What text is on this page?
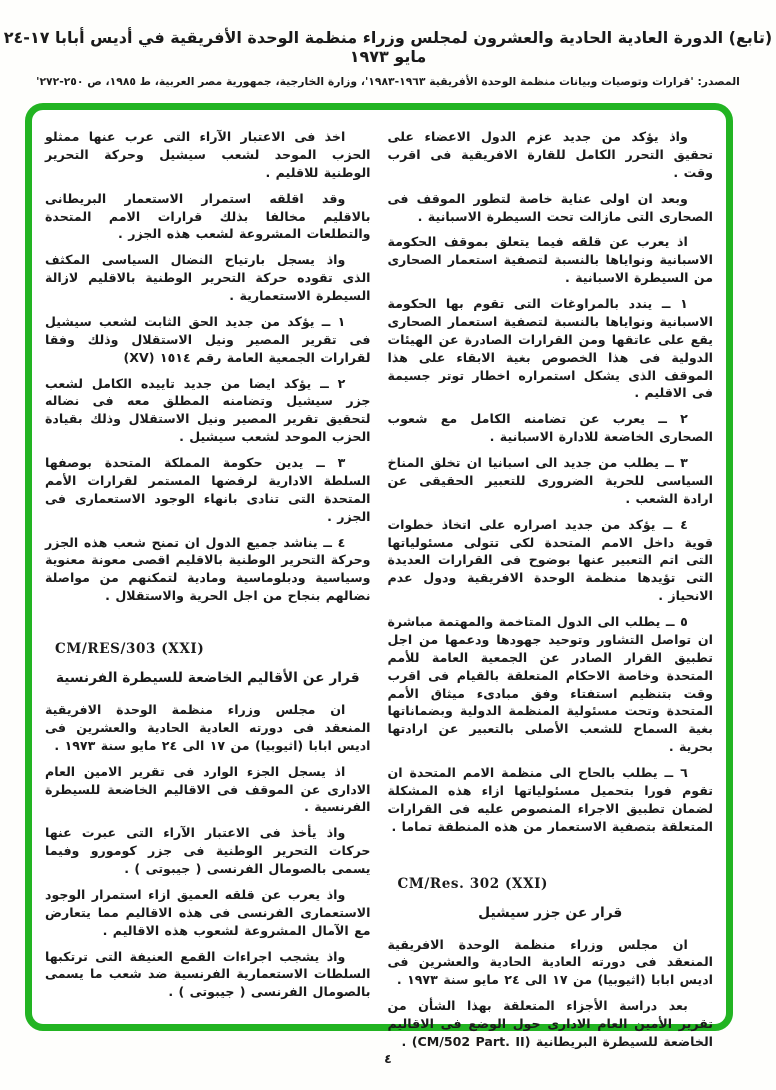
(تابع) الدورة العادية الحادية والعشرون لمجلس وزراء منظمة الوحدة الأفريقية في أديس أبابا ١٧-٢٤ مايو ١٩٧٣
المصدر: 'قرارات وتوصيات وبيانات منظمة الوحدة الأفريقية ١٩٦٣-١٩٨٣'، وزارة الخارجية، جمهورية مصر العربية، ط ١٩٨٥، ص ٢٥٠-٢٧٢'

واذ يؤكد من جديد عزم الدول الاعضاء على تحقيق التحرر الكامل للقارة الافريقية فى اقرب وقت .

وبعد ان اولى عناية خاصة لتطور الموقف فى الصحارى التى مازالت تحت السيطرة الاسبانية .

اذ يعرب عن قلقه فيما يتعلق بموقف الحكومة الاسبانية ونواياها بالنسبة لتصفية استعمار الصحارى من السيطرة الاسبانية .

١ ــ يندد بالمراوغات التى تقوم بها الحكومة الاسبانية ونواياها بالنسبة لتصفية استعمار الصحارى يقع على عاتقها ومن القرارات الصادرة عن الهيئات الدولية فى هذا الخصوص بغية الابقاء على هذا الموقف الذى يشكل استمراره اخطار توتر جسيمة فى الاقليم .

٢ ــ يعرب عن تضامنه الكامل مع شعوب الصحارى الخاضعة للادارة الاسبانية .

٣ ــ يطلب من جديد الى اسبانيا ان تخلق المناخ السياسى للحرية الضرورى للتعبير الحقيقى عن ارادة الشعب .

٤ ــ يؤكد من جديد اصراره على اتخاذ خطوات قوية داخل الامم المتحدة لكى تتولى مسئولياتها التى اتم التعبير عنها بوضوح فى القرارات العديدة التى تؤيدها منظمة الوحدة الافريقية ودول عدم الانحياز .

٥ ــ يطلب الى الدول المتاخمة والمهتمة مباشرة ان تواصل التشاور وتوحيد جهودها ودعمها من اجل تطبيق القرار الصادر عن الجمعية العامة للأمم المتحدة وخاصة الاحكام المتعلقة بالقيام فى اقرب وقت بتنظيم استفتاء وفق مبادىء ميثاق الأمم المتحدة وتحت مسئولية المنظمة الدولية وبضماناتها بغية السماح للشعب الأصلى بالتعبير عن ارادتها بحرية .

٦ ــ يطلب بالحاح الى منظمة الامم المتحدة ان تقوم فورا بتحميل مسئولياتها ازاء هذه المشكلة لضمان تطبيق الاجراء المنصوص عليه فى القرارات المتعلقة بتصفية الاستعمار من هذه المنطقة تماما .

CM/Res. 302 (XXI)
قرار عن جزر سيشيل

ان مجلس وزراء منظمة الوحدة الافريقية المنعقد فى دورته العادية الحادية والعشرين فى اديس ابابا (اثيوبيا) من ١٧ الى ٢٤ مايو سنة ١٩٧٣ .

بعد دراسة الأجزاء المتعلقة بهذا الشأن من تقرير الأمين العام الادارى حول الوضع فى الاقاليم الخاضعة للسيطرة البريطانية (CM/502 Part. II) .

اخذ فى الاعتبار الآراء التى عرب عنها ممثلو الحزب الموحد لشعب سيشيل وحركة التحرير الوطنية للاقليم .

وقد اقلقه استمرار الاستعمار البريطانى بالاقليم مخالفا بذلك قرارات الامم المتحدة والتطلعات المشروعة لشعب هذه الجزر .

واذ يسجل بارتياح النضال السياسى المكثف الذى تقوده حركة التحرير الوطنية بالاقليم لازالة السيطرة الاستعمارية .

١ ــ يؤكد من جديد الحق الثابت لشعب سيشيل فى تقرير المصير ونيل الاستقلال وذلك وفقا لقرارات الجمعية العامة رقم ١٥١٤ (XV)

٢ ــ يؤكد ايضا من جديد تاييده الكامل لشعب جزر سيشيل وتضامنه المطلق معه فى نضاله لتحقيق تقرير المصير ونيل الاستقلال وذلك بقيادة الحزب الموحد لشعب سيشيل .

٣ ــ يدين حكومة المملكة المتحدة بوصفها السلطة الادارية لرفضها المستمر لقرارات الأمم المتحدة التى تنادى بانهاء الوجود الاستعمارى فى الجزر .

٤ ــ يناشد جميع الدول ان تمنح شعب هذه الجزر وحركة التحرير الوطنية بالاقليم اقصى معونة معنوية وسياسية ودبلوماسية ومادية لتمكنهم من مواصلة نضالهم بنجاح من اجل الحرية والاستقلال .

CM/RES/303 (XXI)
قرار عن الأقاليم الخاضعة للسيطرة الفرنسية

ان مجلس وزراء منظمة الوحدة الافريقية المنعقد فى دورته العادية الحادية والعشرين فى اديس ابابا (اثيوبيا) من ١٧ الى ٢٤ مايو سنة ١٩٧٣ .

اذ يسجل الجزء الوارد فى تقرير الامين العام الادارى عن الموقف فى الاقاليم الخاضعة للسيطرة الفرنسية .

واذ يأخذ فى الاعتبار الآراء التى عبرت عنها حركات التحرير الوطنية فى جزر كومورو وفيما يسمى بالصومال الفرنسى ( جيبوتى ) .

واذ يعرب عن قلقه العميق ازاء استمرار الوجود الاستعمارى الفرنسى فى هذه الاقاليم مما يتعارض مع الآمال المشروعة لشعوب هذه الاقاليم .

واذ يشجب اجراءات القمع العنيفة التى ترتكبها السلطات الاستعمارية الفرنسية ضد شعب ما يسمى بالصومال الفرنسى ( جيبوتى ) .

٤
